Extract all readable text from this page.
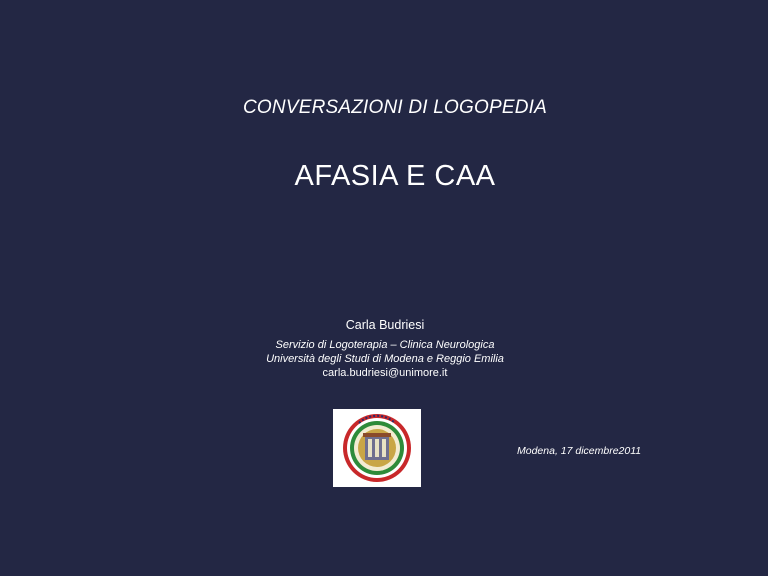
CONVERSAZIONI DI LOGOPEDIA
AFASIA E CAA
Carla Budriesi
Servizio di Logoterapia – Clinica Neurologica
Università degli Studi di Modena e Reggio Emilia
carla.budriesi@unimore.it
Modena, 17 dicembre2011
